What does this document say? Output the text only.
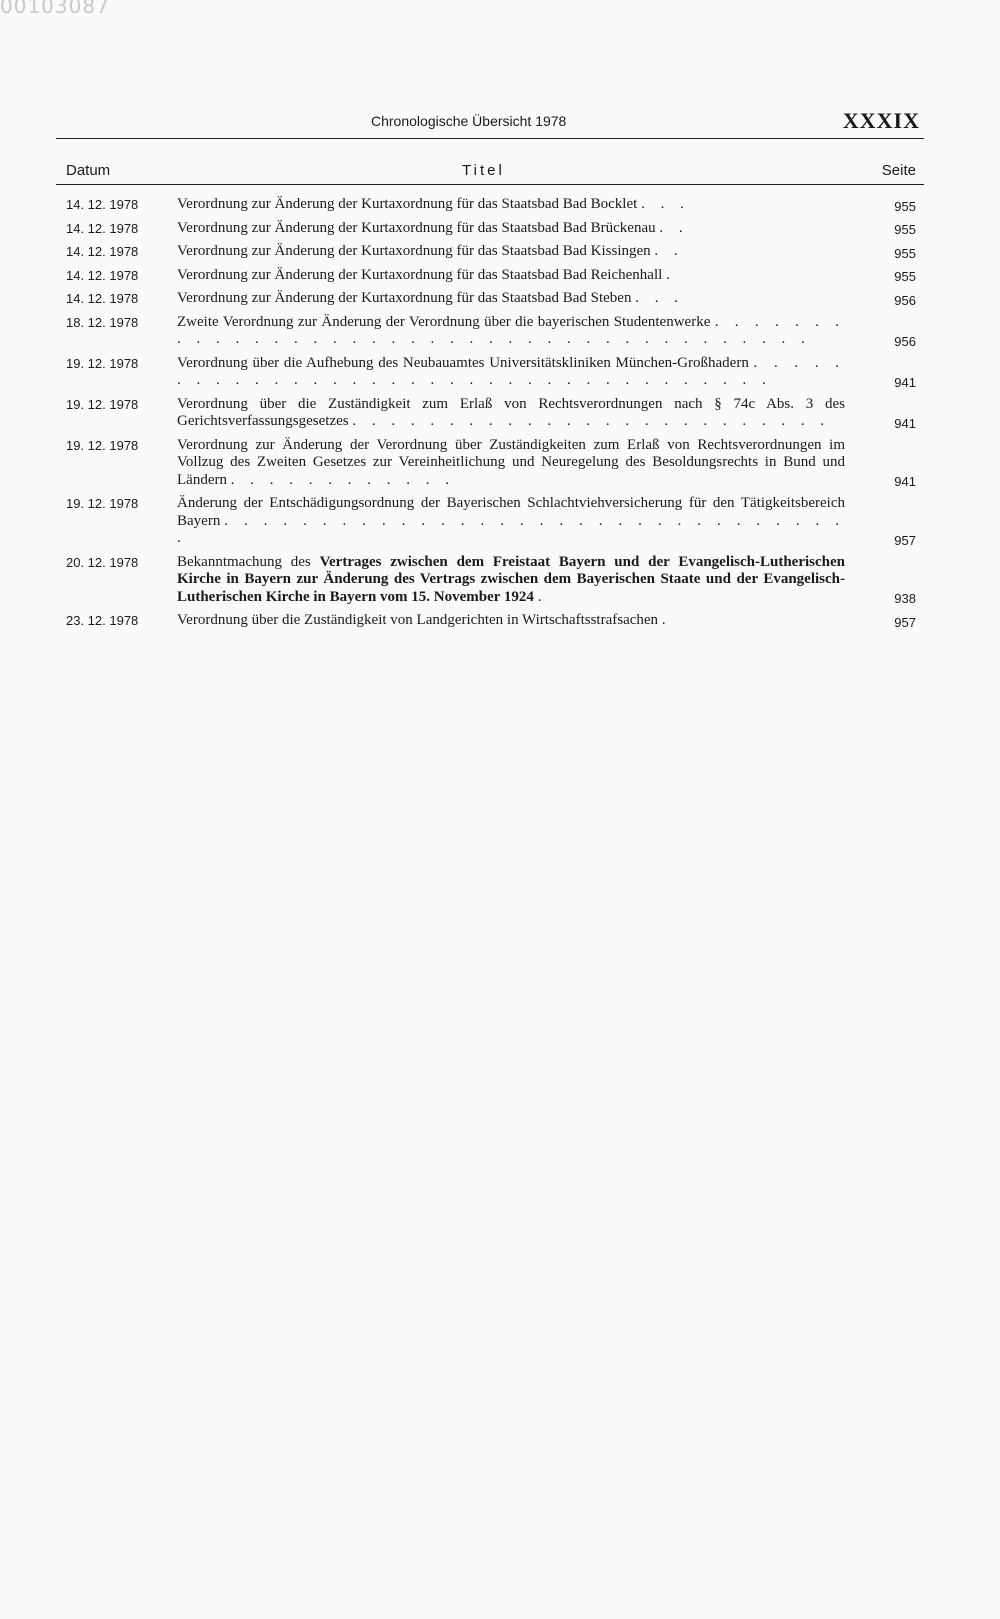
00103087
Chronologische Übersicht 1978	XXXIX
Datum	Titel	Seite
14. 12. 1978	Verordnung zur Änderung der Kurtaxordnung für das Staatsbad Bad Bocklet . . .	955
14. 12. 1978	Verordnung zur Änderung der Kurtaxordnung für das Staatsbad Bad Brückenau . .	955
14. 12. 1978	Verordnung zur Änderung der Kurtaxordnung für das Staatsbad Bad Kissingen . .	955
14. 12. 1978	Verordnung zur Änderung der Kurtaxordnung für das Staatsbad Bad Reichenhall .	955
14. 12. 1978	Verordnung zur Änderung der Kurtaxordnung für das Staatsbad Bad Steben . . .	956
18. 12. 1978	Zweite Verordnung zur Änderung der Verordnung über die bayerischen Studentenwerke . . . . . . . . . . . . . . . . . . . . . . . . . . . . . . . . . . . . . . . .	956
19. 12. 1978	Verordnung über die Aufhebung des Neubauamtes Universitätskliniken München-Großhadern . . . . . . . . . . . . . . . . . . . . . . . . . . . . . . . . . . . .	941
19. 12. 1978	Verordnung über die Zuständigkeit zum Erlaß von Rechtsverordnungen nach § 74c Abs. 3 des Gerichtsverfassungsgesetzes . . . . . . . . . . . . . . . . . . . . . . . . .	941
19. 12. 1978	Verordnung zur Änderung der Verordnung über Zuständigkeiten zum Erlaß von Rechtsverordnungen im Vollzug des Zweiten Gesetzes zur Vereinheitlichung und Neuregelung des Besoldungsrechts in Bund und Ländern . . . . . . . . . . . .	941
19. 12. 1978	Änderung der Entschädigungsordnung der Bayerischen Schlachtviehversicherung für den Tätigkeitsbereich Bayern . . . . . . . . . . . . . . . . . . . . . . . . . . . . . . . . .	957
20. 12. 1978	Bekanntmachung des Vertrages zwischen dem Freistaat Bayern und der Evangelisch-Lutherischen Kirche in Bayern zur Änderung des Vertrags zwischen dem Bayerischen Staate und der Evangelisch-Lutherischen Kirche in Bayern vom 15. November 1924 .	938
23. 12. 1978	Verordnung über die Zuständigkeit von Landgerichten in Wirtschaftsstrafsachen .	957
